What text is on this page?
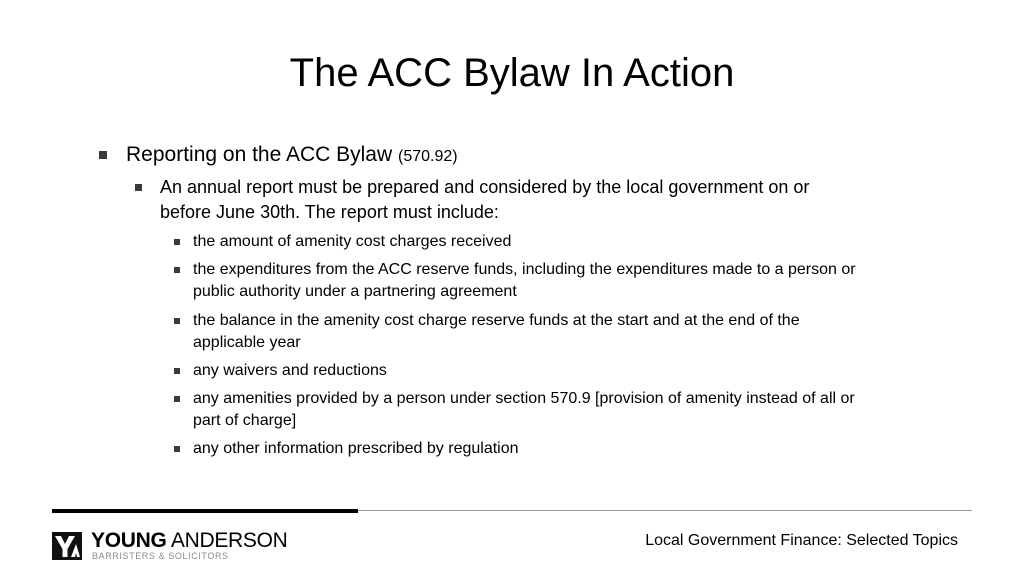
The ACC Bylaw In Action
Reporting on the ACC Bylaw (570.92)
An annual report must be prepared and considered by the local government on or before June 30th. The report must include:
the amount of amenity cost charges received
the expenditures from the ACC reserve funds, including the expenditures made to a person or public authority under a partnering agreement
the balance in the amenity cost charge reserve funds at the start and at the end of the applicable year
any waivers and reductions
any amenities provided by a person under section 570.9 [provision of amenity instead of all or part of charge]
any other information prescribed by regulation
YOUNG ANDERSON
BARRISTERS & SOLICITORS
Local Government Finance: Selected Topics
